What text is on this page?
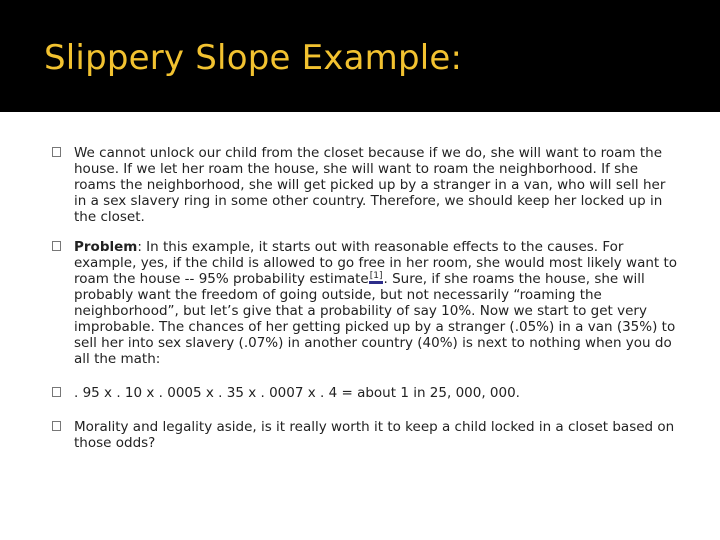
Slippery Slope Example:
We cannot unlock our child from the closet because if we do, she will want to roam the house. If we let her roam the house, she will want to roam the neighborhood. If she roams the neighborhood, she will get picked up by a stranger in a van, who will sell her in a sex slavery ring in some other country. Therefore, we should keep her locked up in the closet.
Problem: In this example, it starts out with reasonable effects to the causes. For example, yes, if the child is allowed to go free in her room, she would most likely want to roam the house -- 95% probability estimate[1]. Sure, if she roams the house, she will probably want the freedom of going outside, but not necessarily “roaming the neighborhood”, but let’s give that a probability of say 10%. Now we start to get very improbable. The chances of her getting picked up by a stranger (.05%) in a van (35%) to sell her into sex slavery (.07%) in another country (40%) is next to nothing when you do all the math:
. 95 x . 10 x . 0005 x . 35 x . 0007 x . 4 = about 1 in 25, 000, 000.
Morality and legality aside, is it really worth it to keep a child locked in a closet based on those odds?
